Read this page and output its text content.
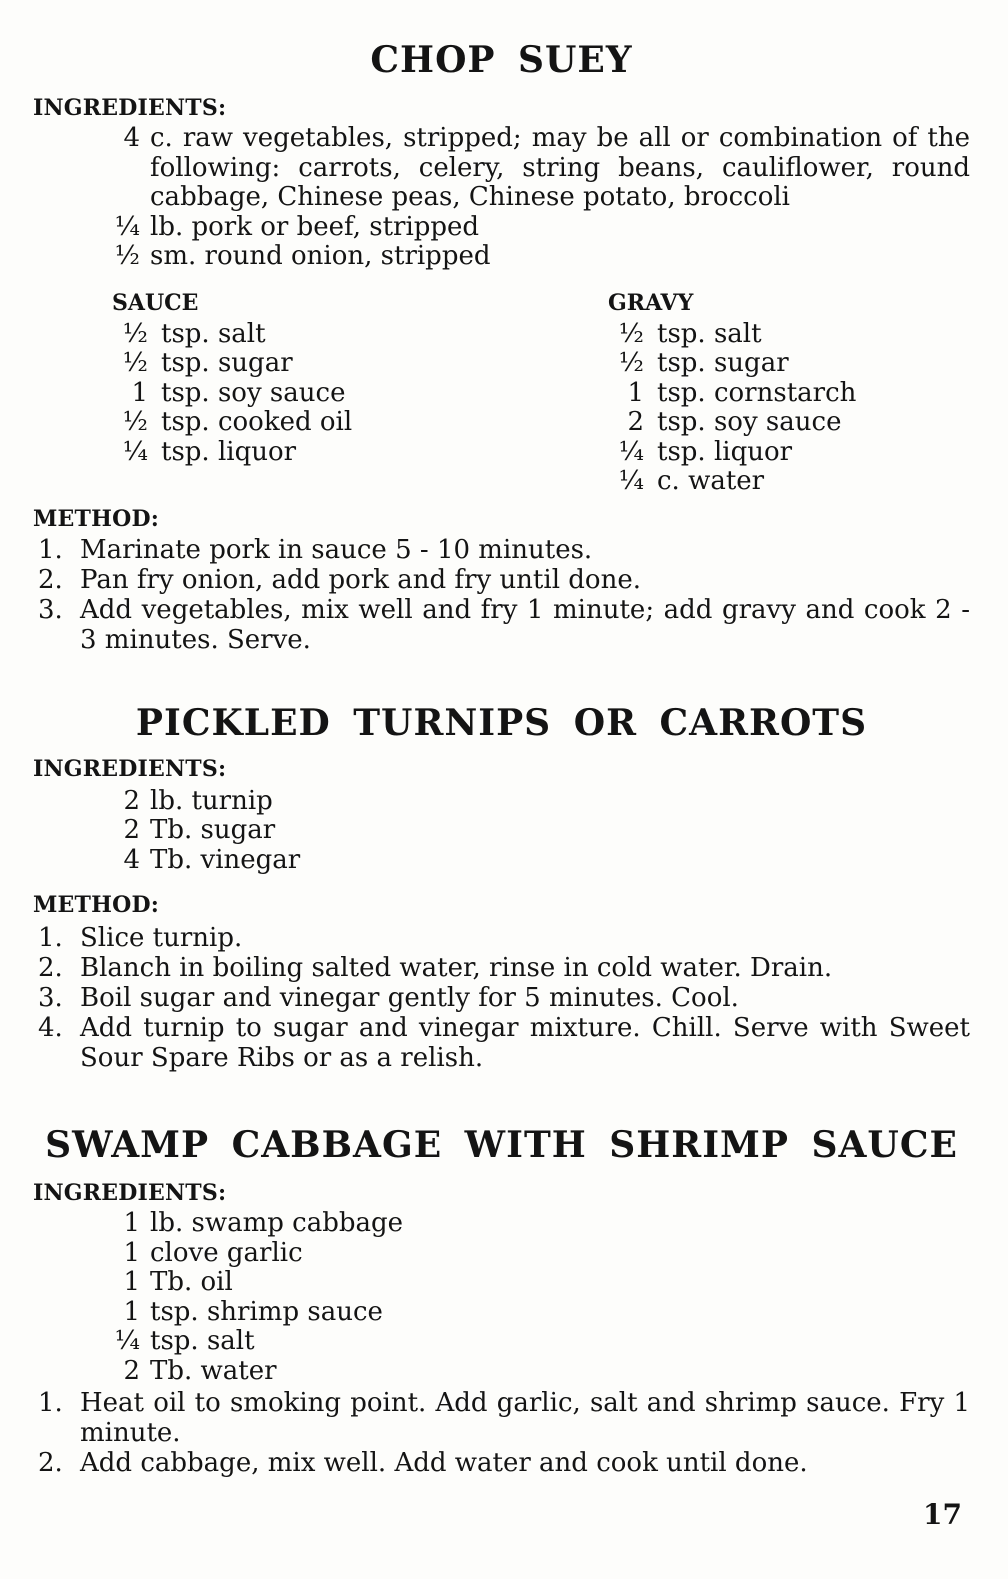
CHOP SUEY
INGREDIENTS:
4 c. raw vegetables, stripped; may be all or combination of the following: carrots, celery, string beans, cauliflower, round cabbage, Chinese peas, Chinese potato, broccoli
¼ lb. pork or beef, stripped
½ sm. round onion, stripped
SAUCE
½ tsp. salt
½ tsp. sugar
1 tsp. soy sauce
½ tsp. cooked oil
¼ tsp. liquor
GRAVY
½ tsp. salt
½ tsp. sugar
1 tsp. cornstarch
2 tsp. soy sauce
¼ tsp. liquor
¼ c. water
METHOD:
1. Marinate pork in sauce 5 - 10 minutes.
2. Pan fry onion, add pork and fry until done.
3. Add vegetables, mix well and fry 1 minute; add gravy and cook 2 - 3 minutes. Serve.
PICKLED TURNIPS OR CARROTS
INGREDIENTS:
2 lb. turnip
2 Tb. sugar
4 Tb. vinegar
METHOD:
1. Slice turnip.
2. Blanch in boiling salted water, rinse in cold water. Drain.
3. Boil sugar and vinegar gently for 5 minutes. Cool.
4. Add turnip to sugar and vinegar mixture. Chill. Serve with Sweet Sour Spare Ribs or as a relish.
SWAMP CABBAGE WITH SHRIMP SAUCE
INGREDIENTS:
1 lb. swamp cabbage
1 clove garlic
1 Tb. oil
1 tsp. shrimp sauce
¼ tsp. salt
2 Tb. water
1. Heat oil to smoking point. Add garlic, salt and shrimp sauce. Fry 1 minute.
2. Add cabbage, mix well. Add water and cook until done.
17
